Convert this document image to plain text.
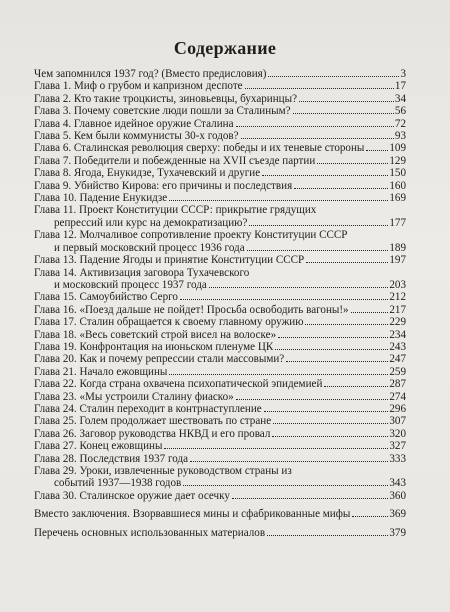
Содержание
Чем запомнился 1937 год? (Вместо предисловия)	3
Глава 1. Миф о грубом и капризном деспоте	17
Глава 2. Кто такие троцкисты, зиновьевцы, бухаринцы?	34
Глава 3. Почему советские люди пошли за Сталиным?	56
Глава 4. Главное идейное оружие Сталина	72
Глава 5. Кем были коммунисты 30-х годов?	93
Глава 6. Сталинская революция сверху: победы и их теневые стороны 109
Глава 7. Победители и побежденные на XVII съезде партии	129
Глава 8. Ягода, Енукидзе, Тухачевский и другие	150
Глава 9. Убийство Кирова: его причины и последствия	160
Глава 10. Падение Енукидзе	169
Глава 11. Проект Конституции СССР: прикрытие грядущих
репрессий или курс на демократизацию?	177
Глава 12. Молчаливое сопротивление проекту Конституции СССР
и первый московский процесс 1936 года	189
Глава 13. Падение Ягоды и принятие Конституции СССР	197
Глава 14. Активизация заговора Тухачевского
и московский процесс 1937 года	203
Глава 15. Самоубийство Серго	212
Глава 16. «Поезд дальше не пойдет! Просьба освободить вагоны!»	217
Глава 17. Сталин обращается к своему главному оружию	229
Глава 18. «Весь советский строй висел на волоске»	234
Глава 19. Конфронтация на июньском пленуме ЦК	243
Глава 20. Как и почему репрессии стали массовыми?	247
Глава 21. Начало ежовщины	259
Глава 22. Когда страна охвачена психопатической эпидемией	287
Глава 23. «Мы устроили Сталину фиаско»	274
Глава 24. Сталин переходит в контрнаступление	296
Глава 25. Голем продолжает шествовать по стране	307
Глава 26. Заговор руководства НКВД и его провал	320
Глава 27. Конец ежовщины	327
Глава 28. Последствия 1937 года	333
Глава 29. Уроки, извлеченные руководством страны из
событий 1937—1938 годов	343
Глава 30. Сталинское оружие дает осечку	360
Вместо заключения. Взорвавшиеся мины и сфабрикованные мифы	369
Перечень основных использованных материалов	379
